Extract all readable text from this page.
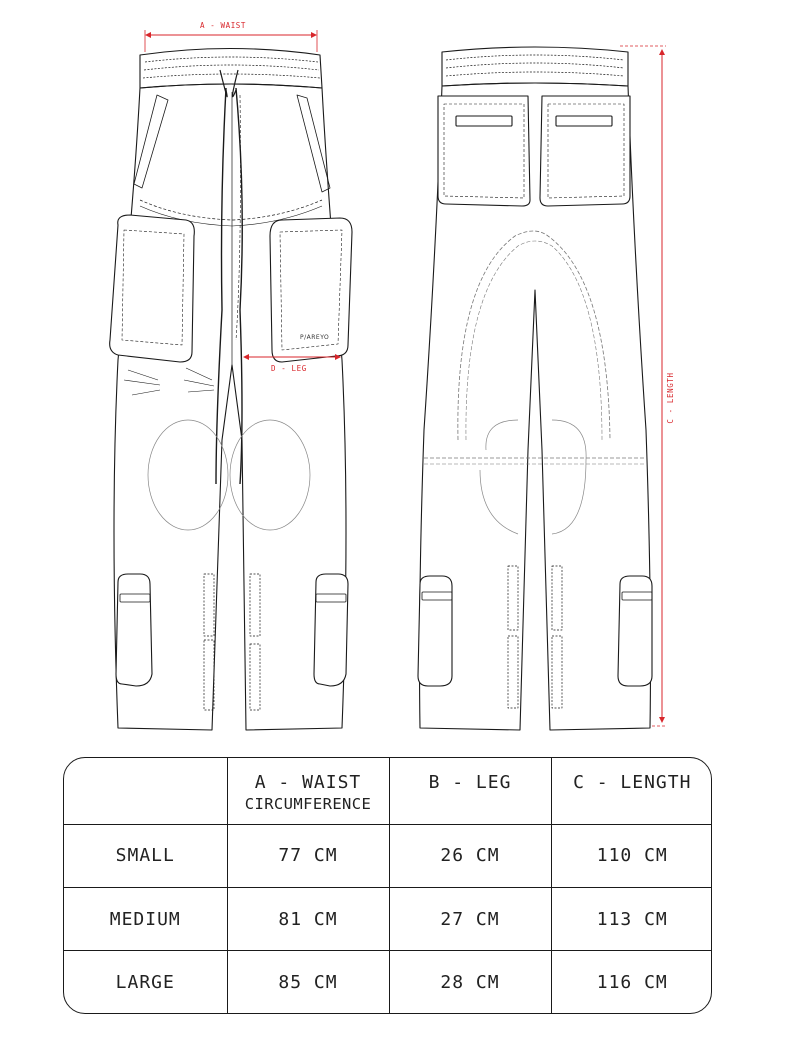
P/AREYO
A - WAIST
D - LEG
C - LENGTH
	A - WAIST
CIRCUMFERENCE	B - LEG	C - LENGTH
SMALL	77 CM	26 CM	110 CM
MEDIUM	81 CM	27 CM	113 CM
LARGE	85 CM	28 CM	116 CM
